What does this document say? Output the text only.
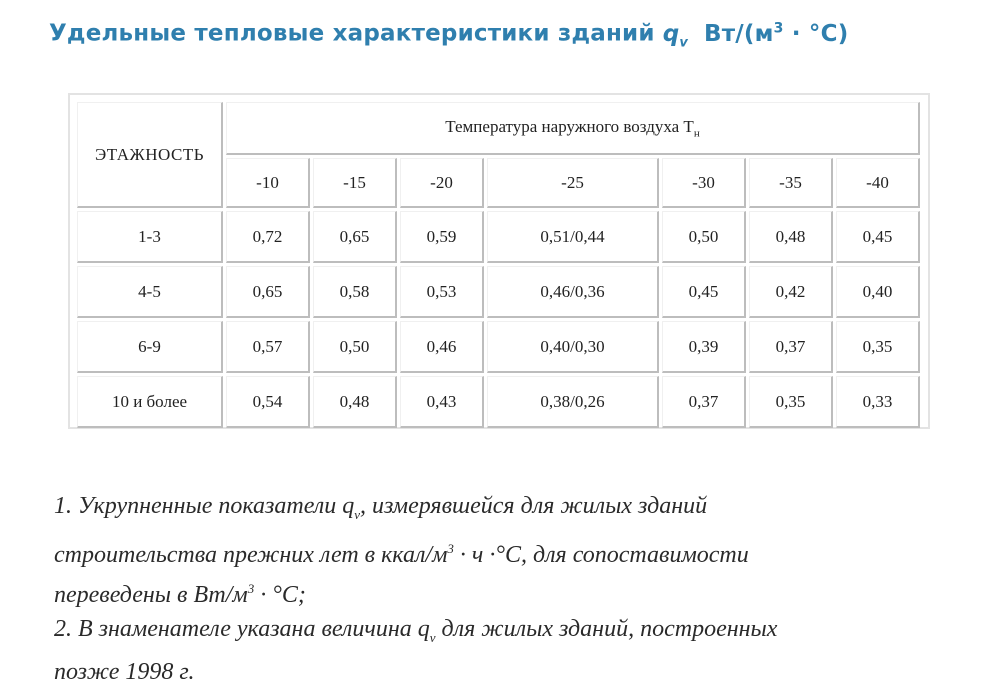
Удельные тепловые характеристики зданий $q_v$ $Вт/(м^3 \cdot ^\circ C)$
ЭТАЖНОСТЬ	Температура наружного воздуха $Т_н$
	-10	-15	-20	-25	-30	-35	-40
1-3	0,72	0,65	0,59	0,51/0,44	0,50	0,48	0,45
4-5	0,65	0,58	0,53	0,46/0,36	0,45	0,42	0,40
6-9	0,57	0,50	0,46	0,40/0,30	0,39	0,37	0,35
10 и более	0,54	0,48	0,43	0,38/0,26	0,37	0,35	0,33

1. Укрупненные показатели $q_v$, измерявшейся для жилых зданий

строительства прежних лет в ккал/$м^3 \cdot ч \cdot^\circ С$, для сопоставимости

переведены в $Вт/м^3 \cdot ^\circ С$;

2. В знаменателе указана величина $q_v$ для жилых зданий, построенных

позже 1998 г.
